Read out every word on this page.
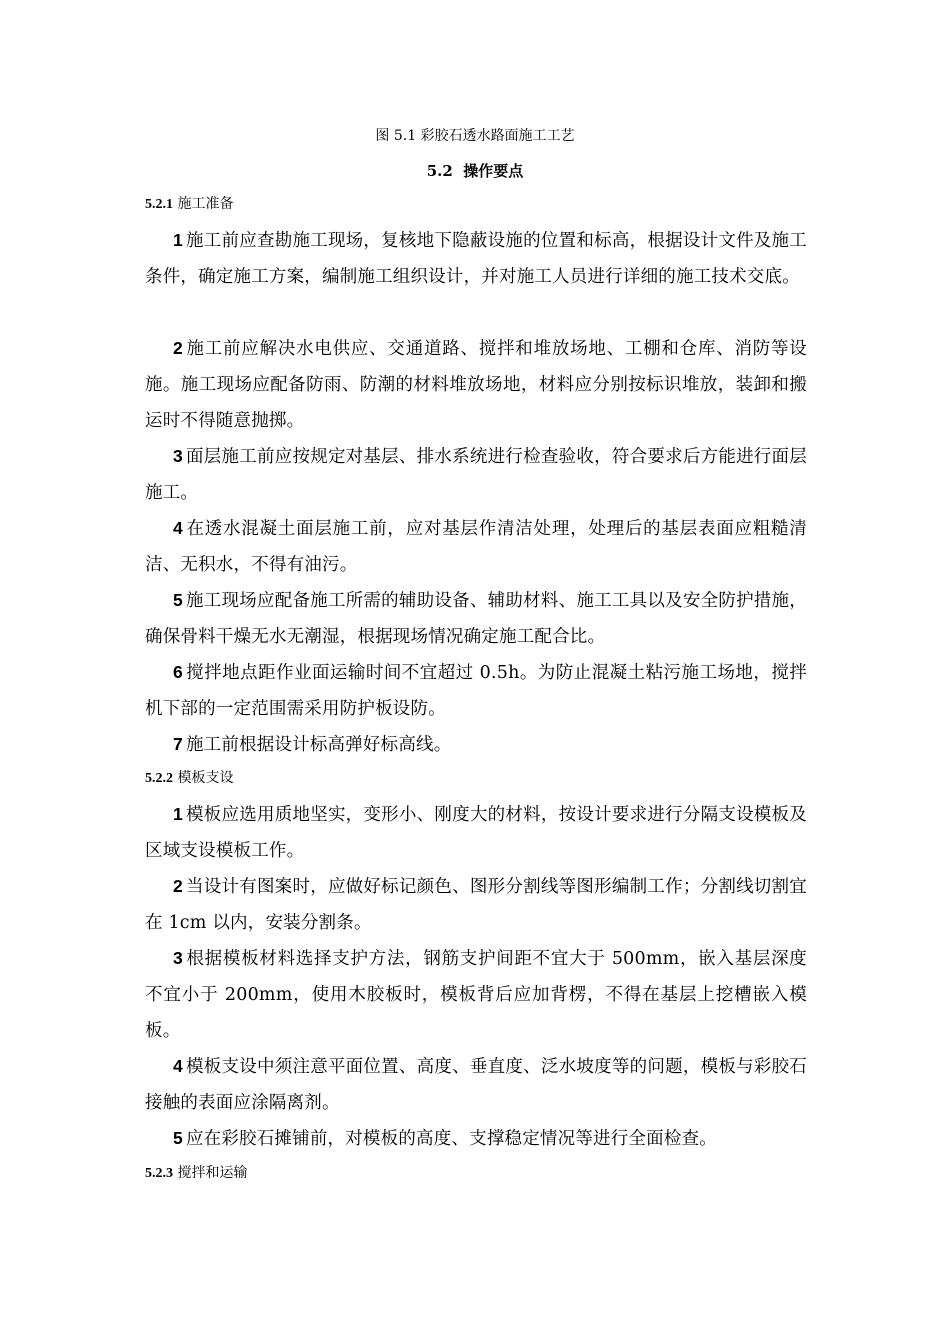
图 5.1 彩胶石透水路面施工工艺
5.2 操作要点
5.2.1 施工准备
1 施工前应查勘施工现场，复核地下隐蔽设施的位置和标高，根据设计文件及施工条件，确定施工方案，编制施工组织设计，并对施工人员进行详细的施工技术交底。
2 施工前应解决水电供应、交通道路、搅拌和堆放场地、工棚和仓库、消防等设施。施工现场应配备防雨、防潮的材料堆放场地，材料应分别按标识堆放，装卸和搬运时不得随意抛掷。
3 面层施工前应按规定对基层、排水系统进行检查验收，符合要求后方能进行面层施工。
4 在透水混凝土面层施工前，应对基层作清洁处理，处理后的基层表面应粗糙清洁、无积水，不得有油污。
5 施工现场应配备施工所需的辅助设备、辅助材料、施工工具以及安全防护措施，确保骨料干燥无水无潮湿，根据现场情况确定施工配合比。
6 搅拌地点距作业面运输时间不宜超过 0.5h。为防止混凝土粘污施工场地，搅拌机下部的一定范围需采用防护板设防。
7 施工前根据设计标高弹好标高线。
5.2.2 模板支设
1 模板应选用质地坚实，变形小、刚度大的材料，按设计要求进行分隔支设模板及区域支设模板工作。
2 当设计有图案时，应做好标记颜色、图形分割线等图形编制工作；分割线切割宜在 1cm 以内，安装分割条。
3 根据模板材料选择支护方法，钢筋支护间距不宜大于 500mm，嵌入基层深度不宜小于 200mm，使用木胶板时，模板背后应加背楞，不得在基层上挖槽嵌入模板。
4 模板支设中须注意平面位置、高度、垂直度、泛水坡度等的问题，模板与彩胶石接触的表面应涂隔离剂。
5 应在彩胶石摊铺前，对模板的高度、支撑稳定情况等进行全面检查。
5.2.3 搅拌和运输
